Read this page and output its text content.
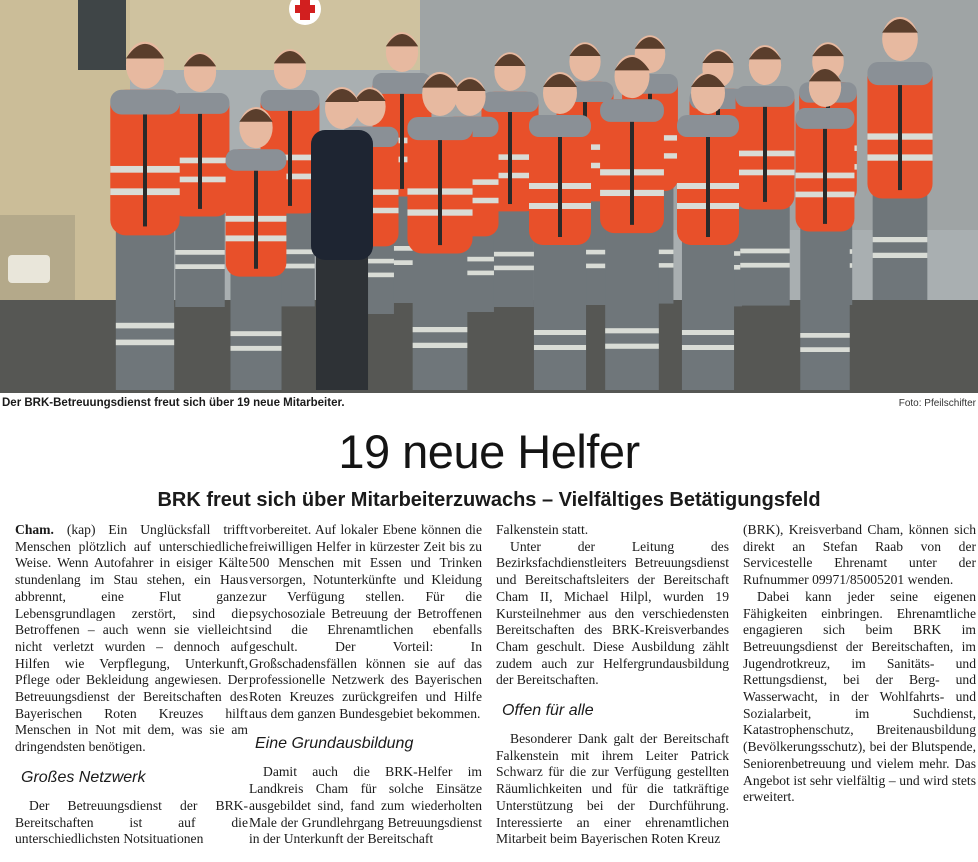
Der BRK-Betreuungsdienst freut sich über 19 neue Mitarbeiter.	Foto: Pfeilschifter
19 neue Helfer
BRK freut sich über Mitarbeiterzuwachs – Vielfältiges Betätigungsfeld

Cham. (kap) Ein Unglücksfall trifft Menschen plötzlich auf unterschiedliche Weise. Wenn Autofahrer in eisiger Kälte stundenlang im Stau stehen, ein Haus abbrennt, eine Flut ganze Lebensgrundlagen zerstört, sind die Betroffenen – auch wenn sie vielleicht nicht verletzt wurden – dennoch auf Hilfen wie Verpflegung, Unterkunft, Pflege oder Bekleidung angewiesen. Der Betreuungsdienst der Bereitschaften des Bayerischen Roten Kreuzes hilft Menschen in Not mit dem, was sie am dringendsten benötigen.

Großes Netzwerk

Der Betreuungsdienst der BRK-Bereitschaften ist auf die unterschiedlichsten Notsituationen

vorbereitet. Auf lokaler Ebene können die freiwilligen Helfer in kürzester Zeit bis zu 500 Menschen mit Essen und Trinken versorgen, Notunterkünfte und Kleidung zur Verfügung stellen. Für die psychosoziale Betreuung der Betroffenen sind die Ehrenamtlichen ebenfalls geschult. Der Vorteil: In Großschadensfällen können sie auf das professionelle Netzwerk des Bayerischen Roten Kreuzes zurückgreifen und Hilfe aus dem ganzen Bundesgebiet bekommen.

Eine Grundausbildung

Damit auch die BRK-Helfer im Landkreis Cham für solche Einsätze ausgebildet sind, fand zum wiederholten Male der Grundlehrgang Betreuungsdienst in der Unterkunft der Bereitschaft

Falkenstein statt.

Unter der Leitung des Bezirksfachdienstleiters Betreuungsdienst und Bereitschaftsleiters der Bereitschaft Cham II, Michael Hilpl, wurden 19 Kursteilnehmer aus den verschiedensten Bereitschaften des BRK-Kreisverbandes Cham geschult. Diese Ausbildung zählt zudem auch zur Helfergrundausbildung der Bereitschaften.

Offen für alle

Besonderer Dank galt der Bereitschaft Falkenstein mit ihrem Leiter Patrick Schwarz für die zur Verfügung gestellten Räumlichkeiten und für die tatkräftige Unterstützung bei der Durchführung. Interessierte an einer ehrenamtlichen Mitarbeit beim Bayerischen Roten Kreuz

(BRK), Kreisverband Cham, können sich direkt an Stefan Raab von der Servicestelle Ehrenamt unter der Rufnummer 09971/85005201 wenden.

Dabei kann jeder seine eigenen Fähigkeiten einbringen. Ehrenamtliche engagieren sich beim BRK im Betreuungsdienst der Bereitschaften, im Jugendrotkreuz, im Sanitäts- und Rettungsdienst, bei der Berg- und Wasserwacht, in der Wohlfahrts- und Sozialarbeit, im Suchdienst, Katastrophenschutz, Breitenausbildung (Bevölkerungsschutz), bei der Blutspende, Seniorenbetreuung und vielem mehr. Das Angebot ist sehr vielfältig – und wird stets erweitert.
